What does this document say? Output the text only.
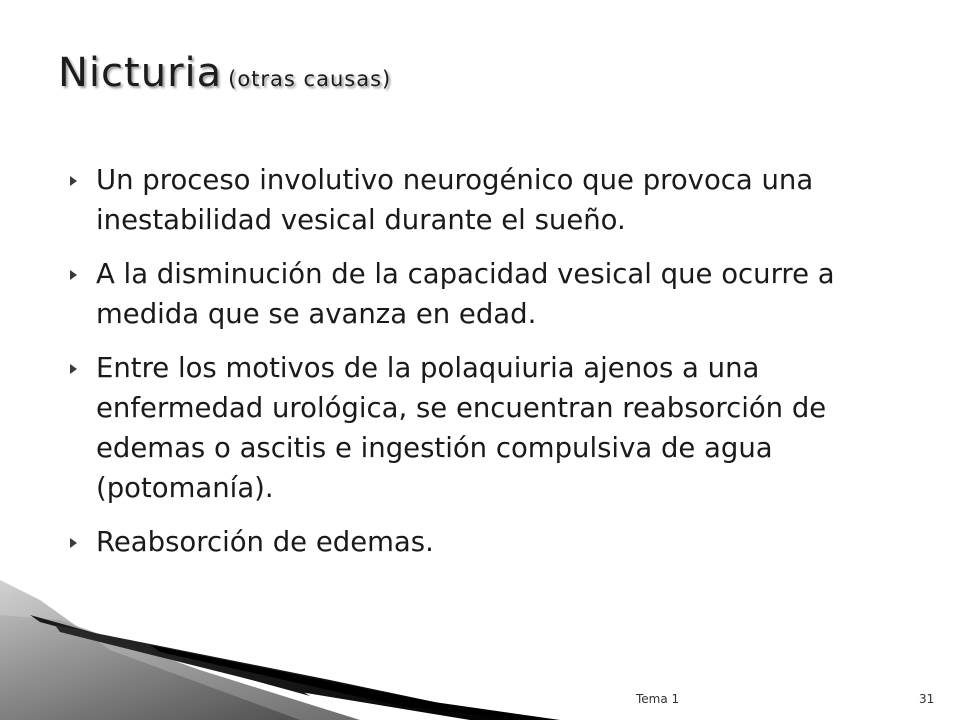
Nicturia (otras causas)
Un proceso involutivo neurogénico que provoca una inestabilidad vesical durante el sueño.
A la disminución de la capacidad vesical que ocurre a medida que se avanza en edad.
Entre los motivos de la polaquiuria ajenos a una enfermedad urológica, se encuentran reabsorción de edemas o ascitis e ingestión compulsiva de agua (potomanía).
Reabsorción de edemas.
Tema 1	31
